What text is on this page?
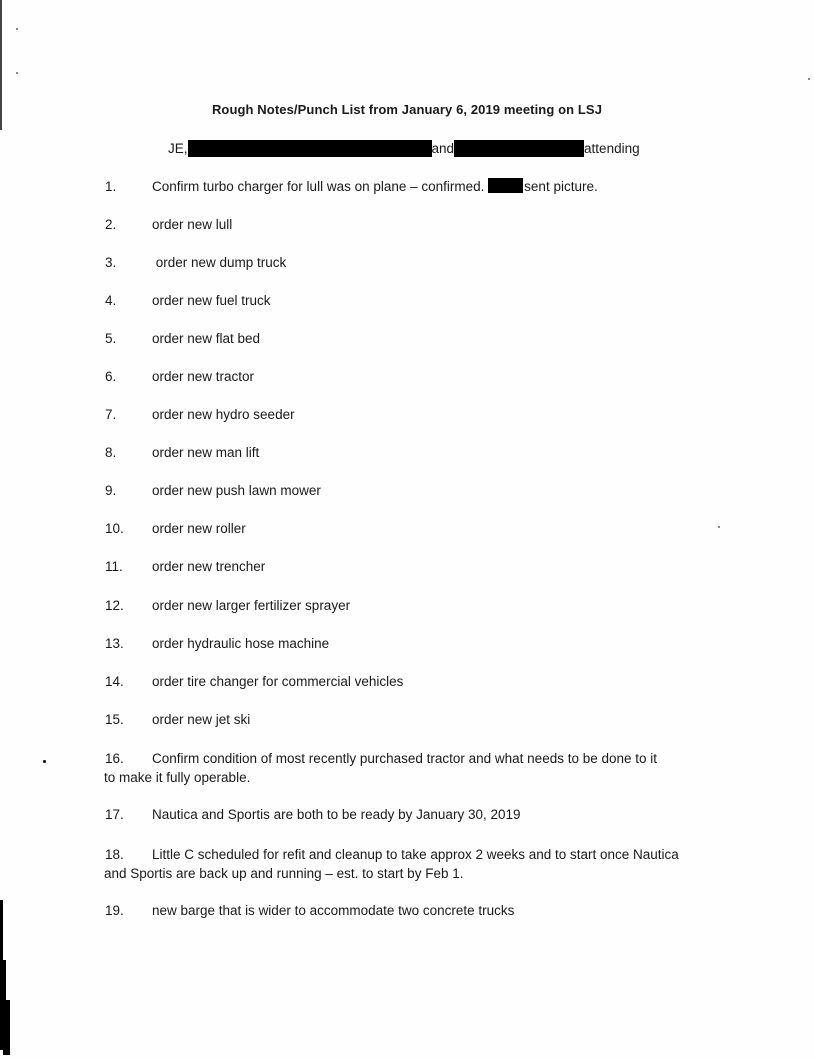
Rough Notes/Punch List from January 6, 2019 meeting on LSJ
JE,	and	attending
1.	Confirm turbo charger for lull was on plane – confirmed.	sent picture.
2.	order new lull
3.	order new dump truck
4.	order new fuel truck
5.	order new flat bed
6.	order new tractor
7.	order new hydro seeder
8.	order new man lift
9.	order new push lawn mower
10. order new roller
11. order new trencher
12. order new larger fertilizer sprayer
13. order hydraulic hose machine
14. order tire changer for commercial vehicles
15. order new jet ski
16. Confirm condition of most recently purchased tractor and what needs to be done to it
to make it fully operable.
17. Nautica and Sportis are both to be ready by January 30, 2019
18. Little C scheduled for refit and cleanup to take approx 2 weeks and to start once Nautica
and Sportis are back up and running – est. to start by Feb 1.
19. new barge that is wider to accommodate two concrete trucks
